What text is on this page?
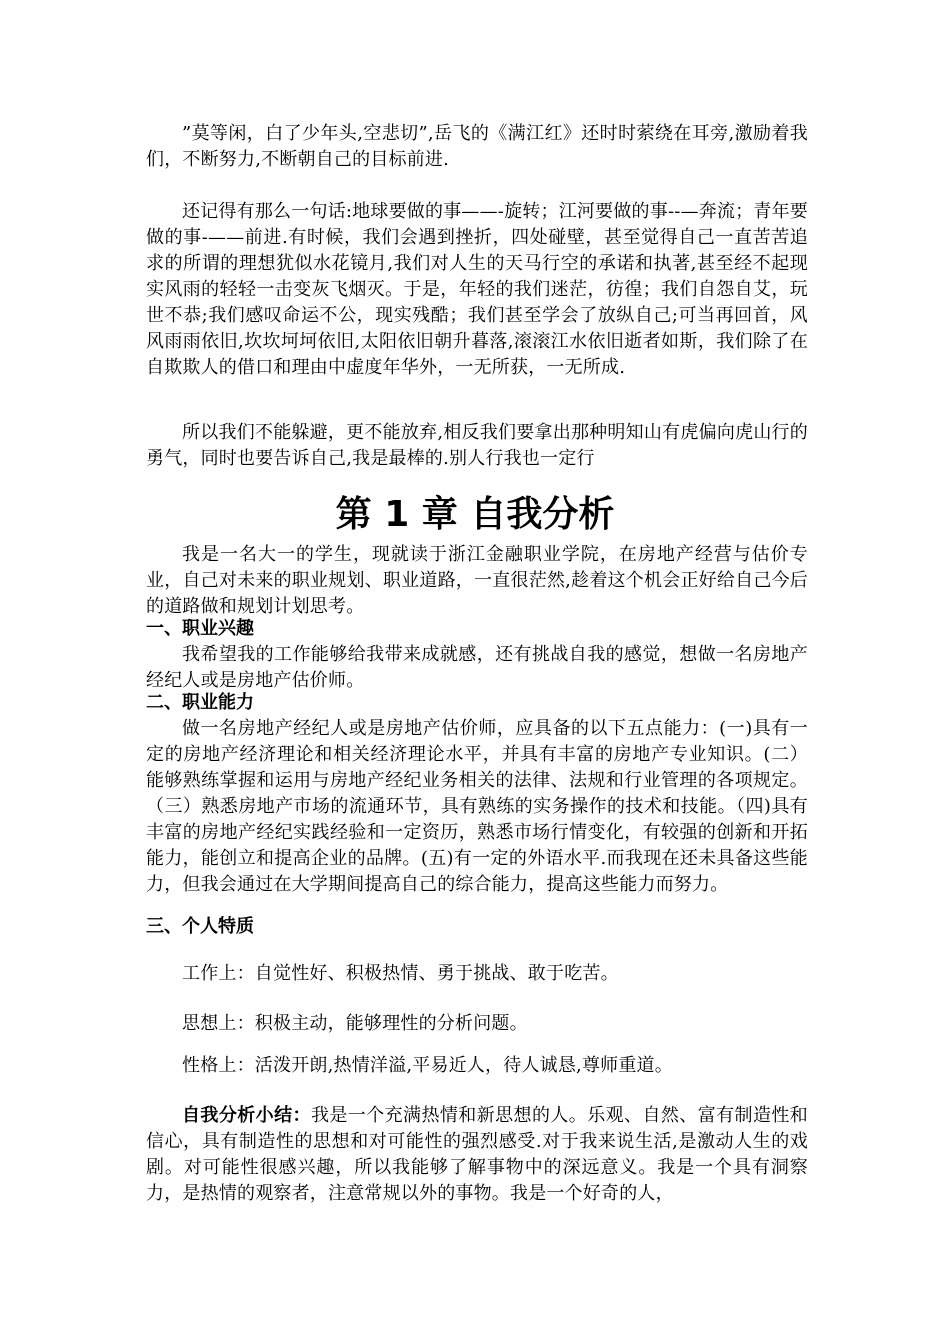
”莫等闲，白了少年头,空悲切”,岳飞的《满江红》还时时萦绕在耳旁,激励着我们，不断努力,不断朝自己的目标前进.

还记得有那么一句话:地球要做的事——-旋转；江河要做的事--—奔流；青年要做的事-——前进.有时候，我们会遇到挫折，四处碰壁，甚至觉得自己一直苦苦追求的所谓的理想犹似水花镜月,我们对人生的天马行空的承诺和执著,甚至经不起现实风雨的轻轻一击变灰飞烟灭。于是，年轻的我们迷茫，彷徨；我们自怨自艾，玩世不恭;我们感叹命运不公，现实残酷；我们甚至学会了放纵自己;可当再回首，风风雨雨依旧,坎坎坷坷依旧,太阳依旧朝升暮落,滚滚江水依旧逝者如斯，我们除了在自欺欺人的借口和理由中虚度年华外，一无所获，一无所成.

所以我们不能躲避，更不能放弃,相反我们要拿出那种明知山有虎偏向虎山行的勇气，同时也要告诉自己,我是最棒的.别人行我也一定行

第 1 章 自我分析

我是一名大一的学生，现就读于浙江金融职业学院，在房地产经营与估价专业，自己对未来的职业规划、职业道路，一直很茫然,趁着这个机会正好给自己今后的道路做和规划计划思考。

一、职业兴趣

我希望我的工作能够给我带来成就感，还有挑战自我的感觉，想做一名房地产经纪人或是房地产估价师。

二、职业能力

做一名房地产经纪人或是房地产估价师，应具备的以下五点能力：(一)具有一定的房地产经济理论和相关经济理论水平，并具有丰富的房地产专业知识。(二）能够熟练掌握和运用与房地产经纪业务相关的法律、法规和行业管理的各项规定。（三）熟悉房地产市场的流通环节，具有熟练的实务操作的技术和技能。（四)具有丰富的房地产经纪实践经验和一定资历，熟悉市场行情变化，有较强的创新和开拓能力，能创立和提高企业的品牌。(五)有一定的外语水平.而我现在还未具备这些能力，但我会通过在大学期间提高自己的综合能力，提高这些能力而努力。

三、个人特质

工作上：自觉性好、积极热情、勇于挑战、敢于吃苦。

思想上：积极主动，能够理性的分析问题。

性格上：活泼开朗,热情洋溢,平易近人，待人诚恳,尊师重道。

自我分析小结：我是一个充满热情和新思想的人。乐观、自然、富有制造性和信心，具有制造性的思想和对可能性的强烈感受.对于我来说生活,是激动人生的戏剧。对可能性很感兴趣，所以我能够了解事物中的深远意义。我是一个具有洞察力，是热情的观察者，注意常规以外的事物。我是一个好奇的人，
